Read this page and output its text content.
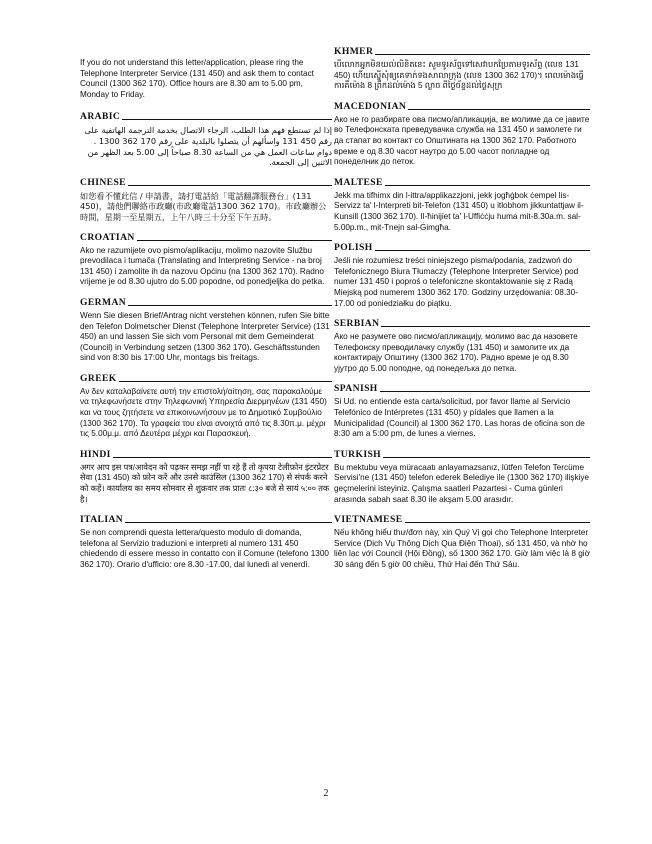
If you do not understand this letter/application, please ring the Telephone Interpreter Service (131 450) and ask them to contact Council (1300 362 170). Office hours are 8.30 am to 5.00 pm, Monday to Friday.

ARABIC

إذا لم تستطع فهم هذا الطلب، الرجاء الاتصال بخدمة الترجمة الهاتفية على رقم 450 131 واسألهم أن يتصلوا بالبلدية على رقم 170 362 1300 . دوام ساعات العمل هي من الساعة 8.30 صباحاً إلى 5.00 بعد الظهر من الاثنين إلى الجمعة.

CHINESE

如您看不懂此信 / 申請書，請打電話給「電話翻譯服務台」(131 450)，請他們聯絡市政廳(市政廳電話1300 362 170)。市政廳辦公時間，星期一至星期五，上午八時三十分至下午五時。

CROATIAN

Ako ne razumijete ovo pismo/aplikaciju, molimo nazovite Službu prevodilaca i tumača (Translating and Interpreting Service - na broj 131 450) i zamolite ih da nazovu Općinu (na 1300 362 170). Radno vrijeme je od 8.30 ujutro do 5.00 popodne, od ponedjeljka do petka.

GERMAN

Wenn Sie diesen Brief/Antrag nicht verstehen können, rufen Sie bitte den Telefon Dolmetscher Dienst (Telephone Interpreter Service) (131 450) an und lassen Sie sich vom Personal mit dem Gemeinderat (Council) in Verbindung setzen (1300 362 170). Geschäftsstunden sind von 8:30 bis 17:00 Uhr, montags bis freitags.

GREEK

Αν δεν καταλαβαίνετε αυτή την επιστολή/αίτηση, σας παρακαλούμε να τηλεφωνήσετε στην Τηλεφωνική Υπηρεσία Διερμηνέων (131 450) και να τους ζητήσετε να επικοινωνήσουν με το Δημοτικό Συμβούλιο (1300 362 170). Τα γραφεία του είναι ανοιχτά από τις 8.30π.μ. μέχρι τις 5.00μ.μ. από Δευτέρα μέχρι και Παρασκευή.

HINDI

अगर आप इस पत्र/आवेदन को पढ़कर समझ नहीं पा रहे हैं तो कृपया टेलीफ़ोन इंटरप्रेटर सेवा (131 450) को फ़ोन करें और उनसे काउंसिल (1300 362 170) से संपर्क करने को कहें। कार्यालय का समय सोमवार से शुक्रवार तक प्रातः ८:३० बजे से सायं ५:०० तक है।

ITALIAN

Se non comprendi questa lettera/questo modulo di domanda, telefona al Servizio traduzioni e interpreti al numero 131 450 chiedendo di essere messo in contatto con il Comune (telefono 1300 362 170). Orario d'ufficio: ore 8.30 -17.00, dal lunedì al venerdì.

KHMER

បើលោកអ្នកមិនយល់លិខិតនេះ សូមទូរស័ព្ទទៅសេវាបកប្រែតាមទូរស័ព្ទ (លេខ 131 450) ហើយស្នើសុំឲ្យគេទាក់ទងសាលាក្រុង (លេខ 1300 362 170)។ ពេលម៉ោងធ្វើការគឺម៉ោង 8 ព្រឹកដល់ម៉ោង 5 ល្ងាច ពីថ្ងៃច័ន្ទដល់ថ្ងៃសុក្រ

MACEDONIAN

Ако не го разбирате ова писмо/апликација, ве молиме да се јавите во Телефонската преведувачка служба на 131 450 и замолете ги да стапат во контакт со Општината на 1300 362 170. Работното време е од 8.30 часот наутро до 5.00 часот попладне од понеделник до петок.

MALTESE

Jekk ma tifhimx din l-ittra/applikazzjoni, jekk jogħġbok ċempel lis-Servizz ta' l-Interpreti bit-Telefon (131 450) u itlobhom jikkuntattjaw il-Kunsill (1300 362 170). Il-ħinijiet ta' l-Uffiċċju huma mit-8.30a.m. sal-5.00p.m., mit-Tnejn sal-Ġimgħa.

POLISH

Jeśli nie rozumiesz treści niniejszego pisma/podania, zadzwoń do Telefonicznego Biura Tłumaczy (Telephone Interpreter Service) pod numer 131 450 i poproś o telefoniczne skontaktowanie się z Radą Miejską pod numerem 1300 362 170. Godziny urzędowania: 08.30-17.00 od poniedziałku do piątku.

SERBIAN

Ако не разумете ово писмо/апликацију, молимо вас да назовете Телефонску преводилачку службу (131 450) и замолите их да контактирају Општину (1300 362 170). Радно време је од 8.30 ујутро до 5.00 поподне, од понедељка до петка.

SPANISH

Si Ud. no entiende esta carta/solicitud, por favor llame al Servicio Telefónico de Intérpretes (131 450) y pídales que llamen a la Municipalidad (Council) al 1300 362 170. Las horas de oficina son de 8:30 am a 5:00 pm, de lunes a viernes.

TURKISH

Bu mektubu veya müracaatı anlayamazsanız, lütfen Telefon Tercüme Servisi'ne (131 450) telefon ederek Belediye ile (1300 362 170) ilişkiye geçmelerini isteyiniz. Çalışma saatleri Pazartesi - Cuma günleri arasında sabah saat 8.30 ile akşam 5.00 arasıdır.

VIETNAMESE

Nếu không hiểu thư/đơn này, xin Quý Vị gọi cho Telephone Interpreter Service (Dịch Vụ Thông Dịch Qua Điện Thoại), số 131 450, và nhờ họ liên lạc với Council (Hội Đồng), số 1300 362 170. Giờ làm việc là 8 giờ 30 sáng đến 5 giờ 00 chiều, Thứ Hai đến Thứ Sáu.

2
